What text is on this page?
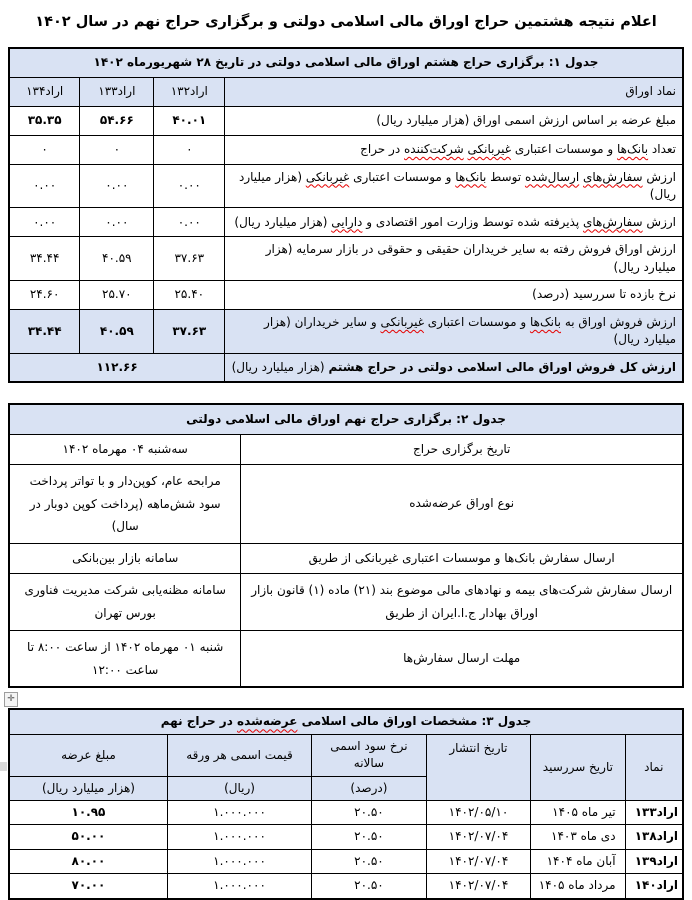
اعلام نتیجه هشتمین حراج اوراق مالی اسلامی دولتی و برگزاری حراج نهم در سال ۱۴۰۲
جدول ۱: برگزاری حراج هشتم اوراق مالی اسلامی دولتی در تاریخ ۲۸ شهریورماه ۱۴۰۲			
نماد اوراق	اراد۱۳۲	اراد۱۳۳	اراد۱۳۴
مبلغ عرضه بر اساس ارزش اسمی اوراق (هزار میلیارد ریال)	۴۰.۰۱	۵۴.۶۶	۳۵.۳۵
تعداد بانک‌ها و موسسات اعتباری غیربانکی شرکت‌کننده در حراج	۰	۰	۰
ارزش سفارش‌های ارسال‌شده توسط بانک‌ها و موسسات اعتباری غیربانکی (هزار میلیارد ریال)	۰.۰۰	۰.۰۰	۰.۰۰
ارزش سفارش‌های پذیرفته شده توسط وزارت امور اقتصادی و دارایی (هزار میلیارد ریال)	۰.۰۰	۰.۰۰	۰.۰۰
ارزش اوراق فروش رفته به سایر خریداران حقیقی و حقوقی در بازار سرمایه (هزار میلیارد ریال)	۳۷.۶۳	۴۰.۵۹	۳۴.۴۴
نرخ بازده تا سررسید (درصد)	۲۵.۴۰	۲۵.۷۰	۲۴.۶۰
ارزش فروش اوراق به بانک‌ها و موسسات اعتباری غیربانکی و سایر خریداران (هزار میلیارد ریال)	۳۷.۶۳	۴۰.۵۹	۳۴.۴۴
ارزش کل فروش اوراق مالی اسلامی دولتی در حراج هشتم (هزار میلیارد ریال)	۱۱۲.۶۶		
جدول ۲: برگزاری حراج نهم اوراق مالی اسلامی دولتی	
تاریخ برگزاری حراج	سه‌شنبه ۰۴ مهرماه ۱۴۰۲
نوع اوراق عرضه‌شده	مرابحه عام، کوپن‌دار و با تواتر پرداخت سود شش‌ماهه (پرداخت کوپن دوبار در سال)
ارسال سفارش بانک‌ها و موسسات اعتباری غیربانکی از طریق	سامانه بازار بین‌بانکی
ارسال سفارش شرکت‌های بیمه و نهادهای مالی موضوع بند (۲۱) ماده (۱) قانون بازار اوراق بهادار ج.ا.ایران از طریق	سامانه مظنه‌یابی شرکت مدیریت فناوری بورس تهران
مهلت ارسال سفارش‌ها	شنبه ۰۱ مهرماه ۱۴۰۲ از ساعت ۸:۰۰ تا ساعت ۱۲:۰۰
✛
جدول ۳: مشخصات اوراق مالی اسلامی عرضه‌شده در حراج نهم					
نماد	تاریخ سررسید	تاریخ انتشار	نرخ سود اسمی سالانه	قیمت اسمی هر ورقه	مبلغ عرضه
			(درصد)	(ریال)	(هزار میلیارد ریال)
اراد۱۳۳	تیر ماه ۱۴۰۵	۱۴۰۲/۰۵/۱۰	۲۰.۵۰	۱.۰۰۰.۰۰۰	۱۰.۹۵
اراد۱۳۸	دی ماه ۱۴۰۳	۱۴۰۲/۰۷/۰۴	۲۰.۵۰	۱.۰۰۰.۰۰۰	۵۰.۰۰
اراد۱۳۹	آبان ماه ۱۴۰۴	۱۴۰۲/۰۷/۰۴	۲۰.۵۰	۱.۰۰۰.۰۰۰	۸۰.۰۰
اراد۱۴۰	مرداد ماه ۱۴۰۵	۱۴۰۲/۰۷/۰۴	۲۰.۵۰	۱.۰۰۰.۰۰۰	۷۰.۰۰
